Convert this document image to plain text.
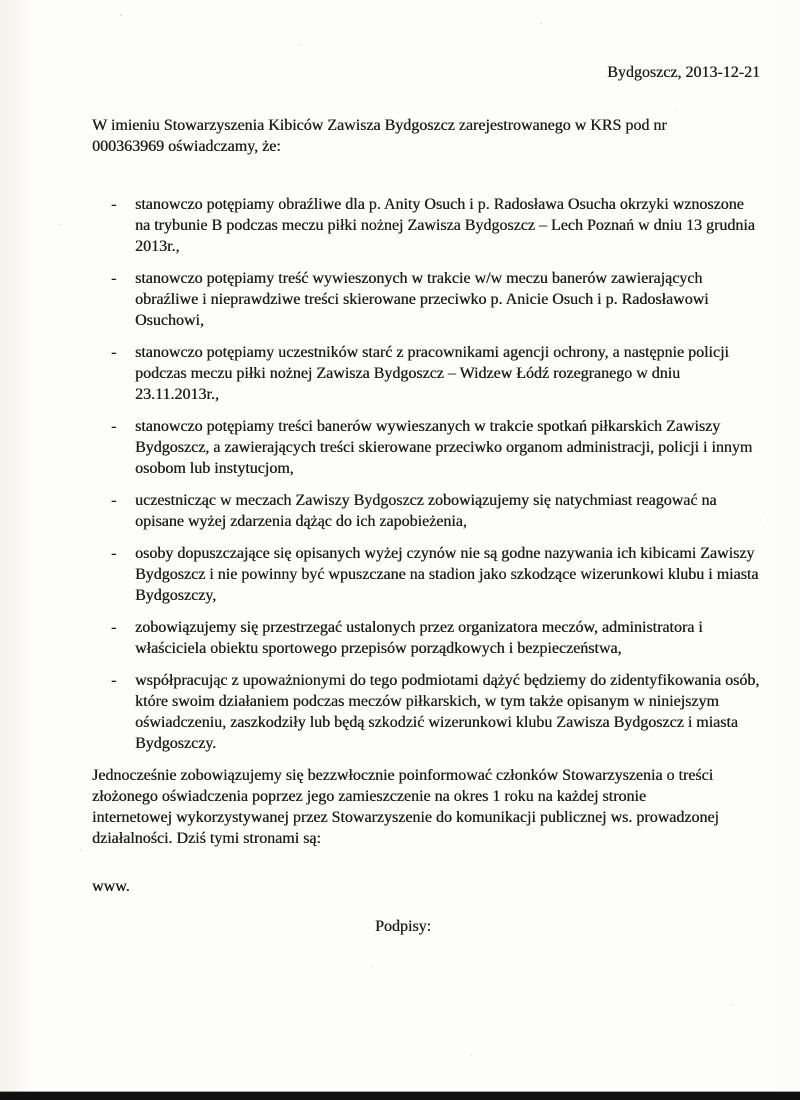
Bydgoszcz, 2013-12-21

W imieniu Stowarzyszenia Kibiców Zawisza Bydgoszcz zarejestrowanego w KRS pod nr 000363969 oświadczamy, że:

- stanowczo potępiamy obraźliwe dla p. Anity Osuch i p. Radosława Osucha okrzyki wznoszone na trybunie B podczas meczu piłki nożnej Zawisza Bydgoszcz – Lech Poznań w dniu 13 grudnia 2013r.,
- stanowczo potępiamy treść wywieszonych w trakcie w/w meczu banerów zawierających obraźliwe i nieprawdziwe treści skierowane przeciwko p. Anicie Osuch i p. Radosławowi Osuchowi,
- stanowczo potępiamy uczestników starć z pracownikami agencji ochrony, a następnie policji podczas meczu piłki nożnej Zawisza Bydgoszcz – Widzew Łódź rozegranego w dniu 23.11.2013r.,
- stanowczo potępiamy treści banerów wywieszanych w trakcie spotkań piłkarskich Zawiszy Bydgoszcz, a zawierających treści skierowane przeciwko organom administracji, policji i innym osobom lub instytucjom,
- uczestnicząc w meczach Zawiszy Bydgoszcz zobowiązujemy się natychmiast reagować na opisane wyżej zdarzenia dążąc do ich zapobieżenia,
- osoby dopuszczające się opisanych wyżej czynów nie są godne nazywania ich kibicami Zawiszy Bydgoszcz i nie powinny być wpuszczane na stadion jako szkodzące wizerunkowi klubu i miasta Bydgoszczy,
- zobowiązujemy się przestrzegać ustalonych przez organizatora meczów, administratora i właściciela obiektu sportowego przepisów porządkowych i bezpieczeństwa,
- współpracując z upoważnionymi do tego podmiotami dążyć będziemy do zidentyfikowania osób, które swoim działaniem podczas meczów piłkarskich, w tym także opisanym w niniejszym oświadczeniu, zaszkodziły lub będą szkodzić wizerunkowi klubu Zawisza Bydgoszcz i miasta Bydgoszczy.

Jednocześnie zobowiązujemy się bezzwłocznie poinformować członków Stowarzyszenia o treści złożonego oświadczenia poprzez jego zamieszczenie na okres 1 roku na każdej stronie internetowej wykorzystywanej przez Stowarzyszenie do komunikacji publicznej ws. prowadzonej działalności. Dziś tymi stronami są:

www.

Podpisy:
